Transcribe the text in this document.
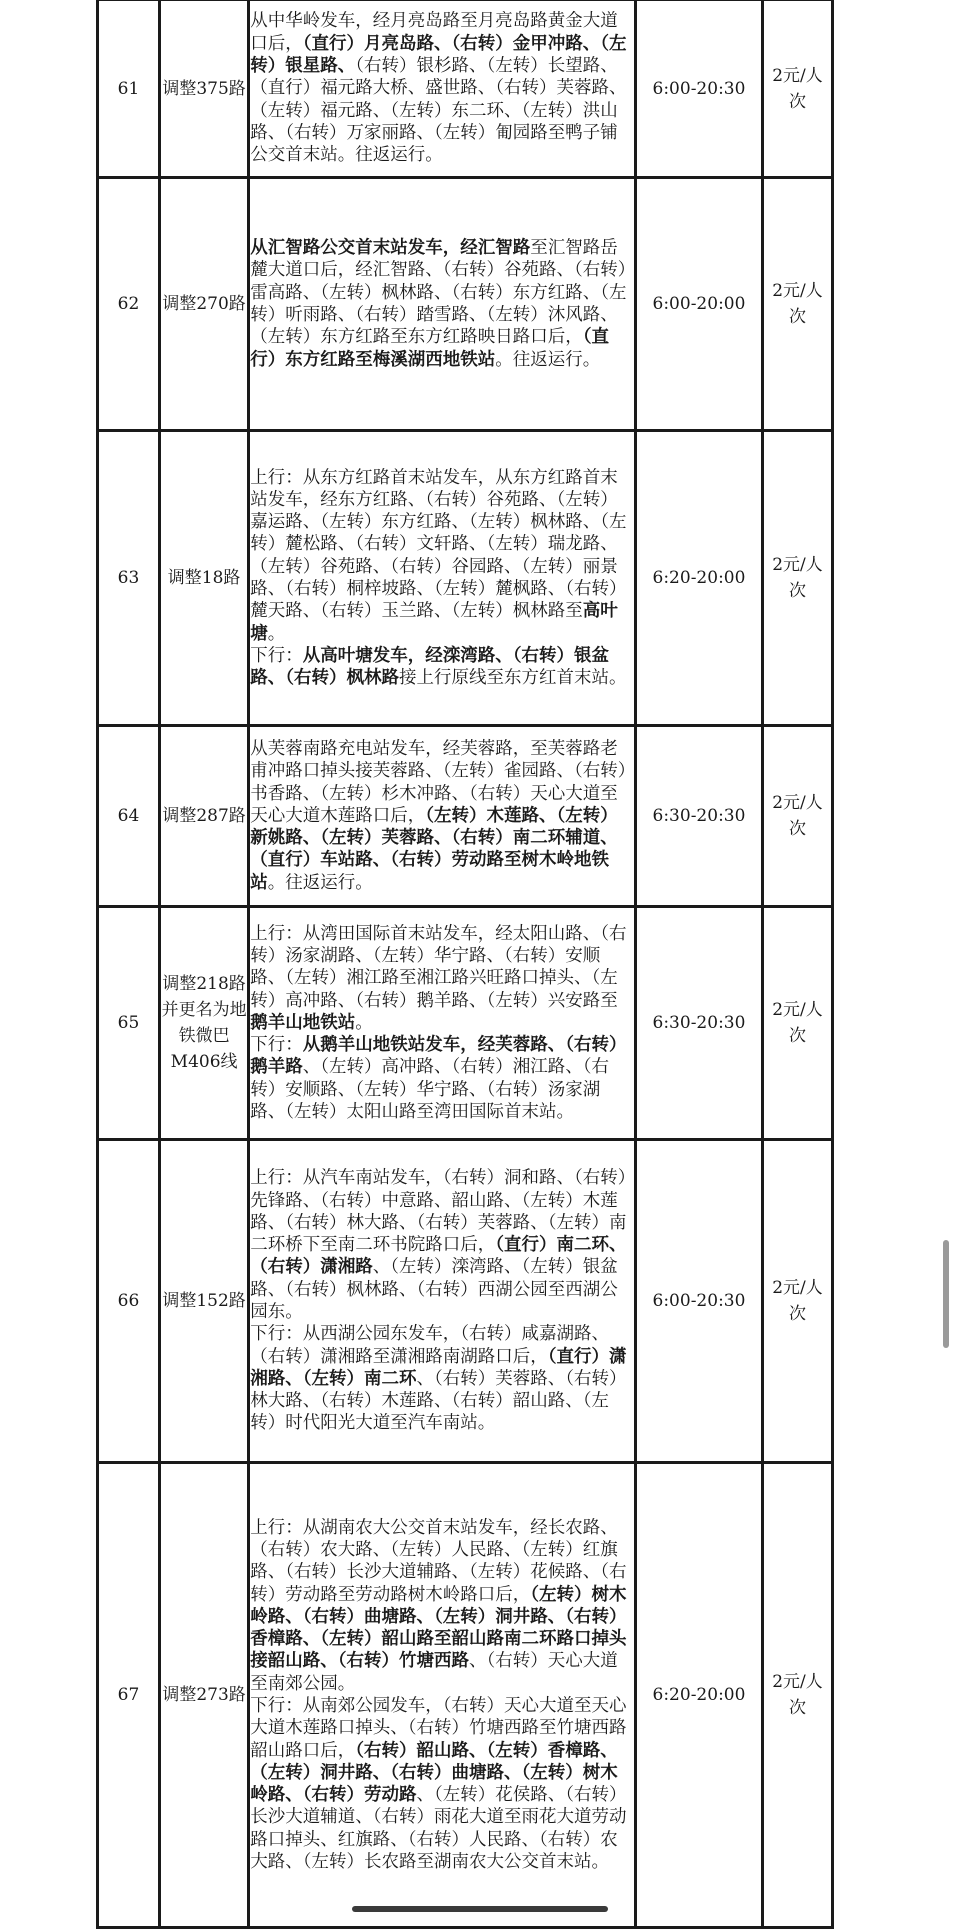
61	调整375路	从中华岭发车，经月亮岛路至月亮岛路黄金大道口后，（直行）月亮岛路、（右转）金甲冲路、（左转）银星路、（右转）银杉路、（左转）长望路、（直行）福元路大桥、盛世路、（右转）芙蓉路、（左转）福元路、（左转）东二环、（左转）洪山路、（右转）万家丽路、（左转）匍园路至鸭子铺公交首末站。往返运行。	6:00-20:30	2元/人次
62	调整270路	从汇智路公交首末站发车，经汇智路至汇智路岳麓大道口后，经汇智路、（右转）谷苑路、（右转）雷高路、（左转）枫林路、（右转）东方红路、（左转）听雨路、（右转）踏雪路、（左转）沐风路、（左转）东方红路至东方红路映日路口后，（直行）东方红路至梅溪湖西地铁站。往返运行。	6:00-20:00	2元/人次
63	调整18路	上行：从东方红路首末站发车，从东方红路首末站发车，经东方红路、（右转）谷苑路、（左转）嘉运路、（左转）东方红路、（左转）枫林路、（左转）麓松路、（右转）文轩路、（左转）瑞龙路、（左转）谷苑路、（右转）谷园路、（左转）丽景路、（右转）桐梓坡路、（左转）麓枫路、（右转）麓天路、（右转）玉兰路、（左转）枫林路至高叶塘。
下行：从高叶塘发车，经滦湾路、（右转）银盆路、（右转）枫林路接上行原线至东方红首末站。	6:20-20:00	2元/人次
64	调整287路	从芙蓉南路充电站发车，经芙蓉路，至芙蓉路老甫冲路口掉头接芙蓉路、（左转）雀园路、（右转）书香路、（左转）杉木冲路、（右转）天心大道至天心大道木莲路口后，（左转）木莲路、（左转）新姚路、（左转）芙蓉路、（右转）南二环辅道、（直行）车站路、（右转）劳动路至树木岭地铁站。往返运行。	6:30-20:30	2元/人次
65	调整218路并更名为地铁微巴M406线	上行：从湾田国际首末站发车，经太阳山路、（右转）汤家湖路、（左转）华宁路、（右转）安顺路、（左转）湘江路至湘江路兴旺路口掉头、（左转）高冲路、（右转）鹅羊路、（左转）兴安路至鹅羊山地铁站。
下行：从鹅羊山地铁站发车，经芙蓉路、（右转）鹅羊路、（左转）高冲路、（右转）湘江路、（右转）安顺路、（左转）华宁路、（右转）汤家湖路、（左转）太阳山路至湾田国际首末站。	6:30-20:30	2元/人次
66	调整152路	上行：从汽车南站发车，（右转）洞和路、（右转）先锋路、（右转）中意路、韶山路、（左转）木莲路、（右转）林大路、（右转）芙蓉路、（左转）南二环桥下至南二环书院路口后，（直行）南二环、（右转）潇湘路、（左转）滦湾路、（左转）银盆路、（右转）枫林路、（右转）西湖公园至西湖公园东。
下行：从西湖公园东发车，（右转）咸嘉湖路、（右转）潇湘路至潇湘路南湖路口后，（直行）潇湘路、（左转）南二环、（右转）芙蓉路、（右转）林大路、（右转）木莲路、（右转）韶山路、（左转）时代阳光大道至汽车南站。	6:00-20:30	2元/人次
67	调整273路	上行：从湖南农大公交首末站发车，经长农路、（右转）农大路、（左转）人民路、（左转）红旗路、（右转）长沙大道辅路、（左转）花候路、（右转）劳动路至劳动路树木岭路口后，（左转）树木岭路、（右转）曲塘路、（左转）洞井路、（右转）香樟路、（左转）韶山路至韶山路南二环路口掉头接韶山路、（右转）竹塘西路、（右转）天心大道至南郊公园。
下行：从南郊公园发车，（右转）天心大道至天心大道木莲路口掉头、（右转）竹塘西路至竹塘西路韶山路口后，（右转）韶山路、（左转）香樟路、（左转）洞井路、（右转）曲塘路、（左转）树木岭路、（右转）劳动路、（左转）花侯路、（右转）长沙大道辅道、（右转）雨花大道至雨花大道劳动路口掉头、红旗路、（右转）人民路、（右转）农大路、（左转）长农路至湖南农大公交首末站。	6:20-20:00	2元/人次
